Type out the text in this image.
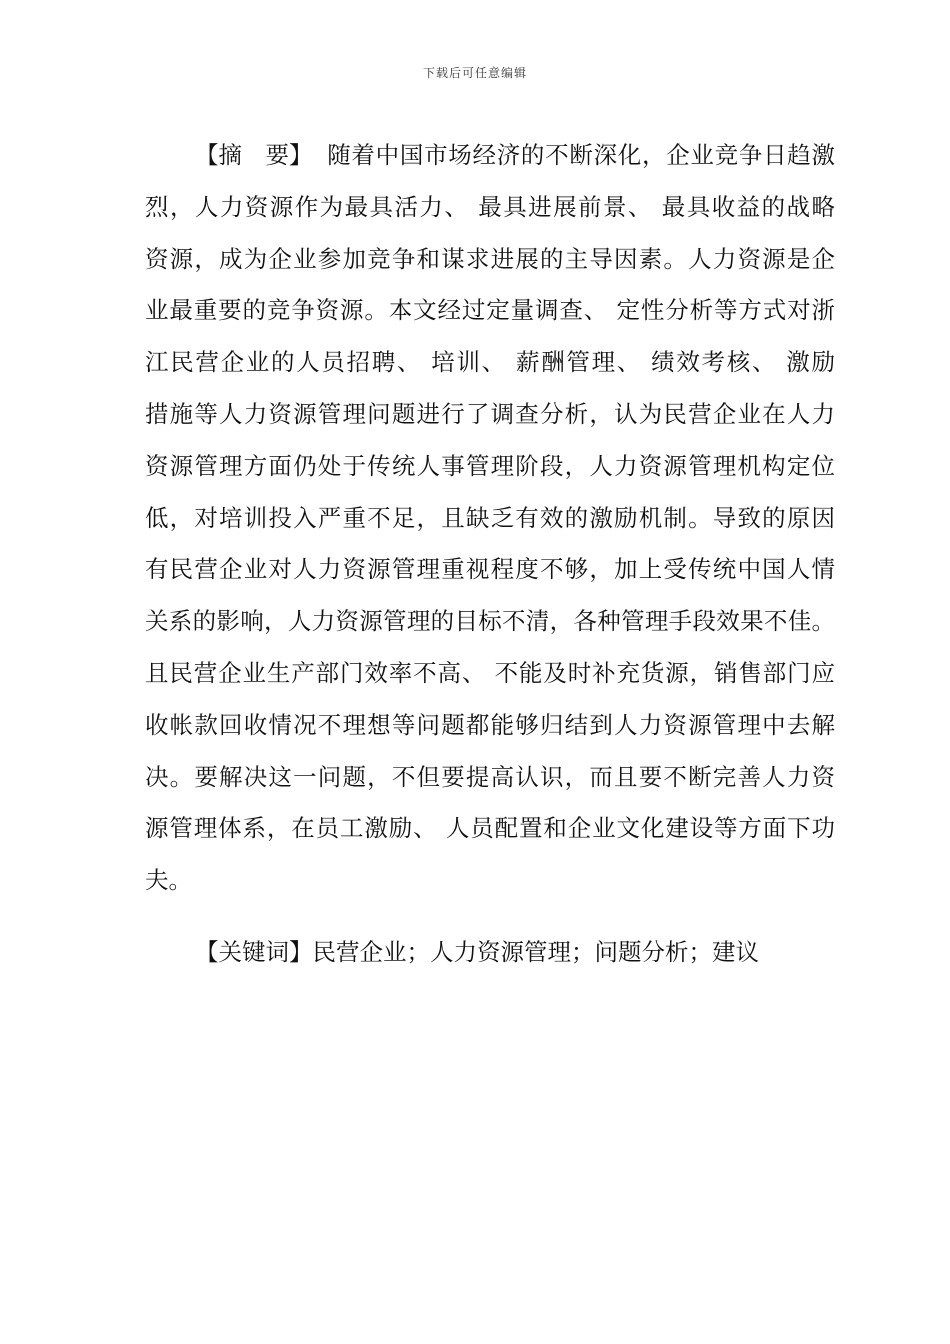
下载后可任意编辑
【摘　要】 随着中国市场经济的不断深化，企业竞争日趋激
烈，人力资源作为最具活力、 最具进展前景、 最具收益的战略
资源，成为企业参加竞争和谋求进展的主导因素。人力资源是企
业最重要的竞争资源。本文经过定量调查、 定性分析等方式对浙
江民营企业的人员招聘、 培训、 薪酬管理、 绩效考核、 激励
措施等人力资源管理问题进行了调查分析，认为民营企业在人力
资源管理方面仍处于传统人事管理阶段，人力资源管理机构定位
低，对培训投入严重不足，且缺乏有效的激励机制。导致的原因
有民营企业对人力资源管理重视程度不够，加上受传统中国人情
关系的影响，人力资源管理的目标不清，各种管理手段效果不佳。
且民营企业生产部门效率不高、 不能及时补充货源，销售部门应
收帐款回收情况不理想等问题都能够归结到人力资源管理中去解
决。要解决这一问题，不但要提高认识，而且要不断完善人力资
源管理体系，在员工激励、 人员配置和企业文化建设等方面下功
夫。
【关键词】民营企业；人力资源管理；问题分析；建议
